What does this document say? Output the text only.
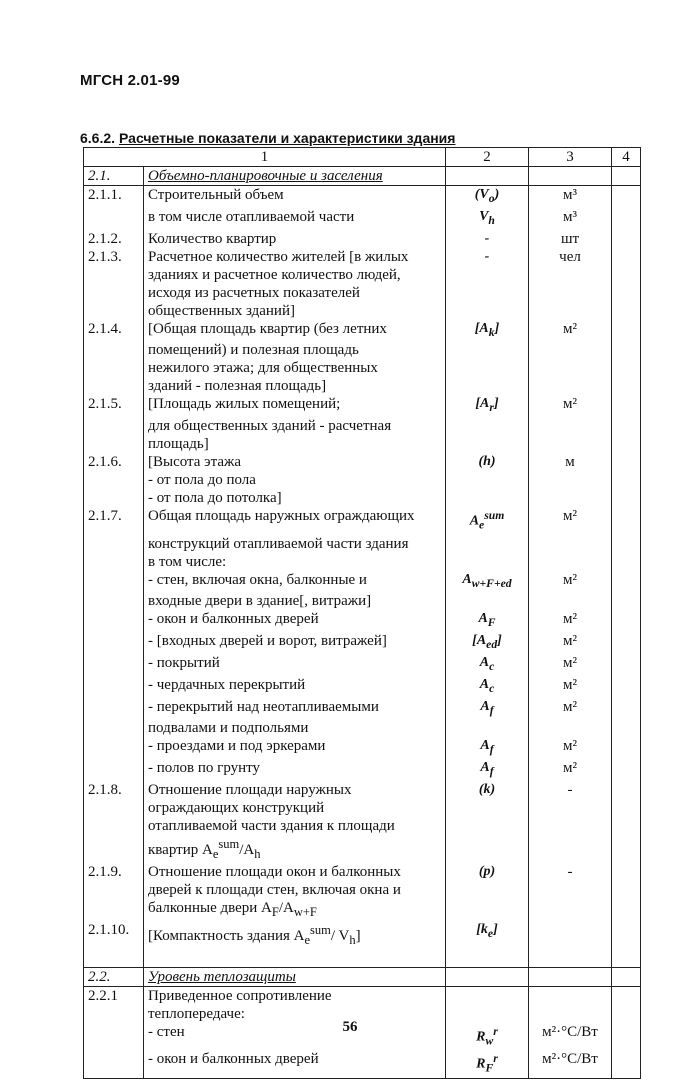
МГСН 2.01-99
6.6.2. Расчетные показатели и характеристики здания
1		2	3	4
2.1.	Объемно-планировочные и заселения			
2.1.1.	Строительный объем	$(V_o)$	м³	
	в том числе отапливаемой части	$V_h$	м³	
2.1.2.	Количество квартир	-	шт	
2.1.3.	Расчетное количество жителей [в жилых	-	чел	
	зданиях и расчетное количество людей,			
	исходя из расчетных показателей			
	общественных зданий]			
2.1.4.	[Общая площадь квартир (без летних	$[A_k]$	м²	
	помещений) и полезная площадь			
	нежилого этажа; для общественных			
	зданий - полезная площадь]			
2.1.5.	[Площадь жилых помещений;	$[A_r]$	м²	
	для общественных зданий - расчетная			
	площадь]			
2.1.6.	[Высота этажа	(h)	м	
	- от пола до пола			
	- от пола до потолка]			
2.1.7.	Общая площадь наружных ограждающих	$A_e^{sum}$	м²	
	конструкций отапливаемой части здания			
	в том числе:			
	- стен, включая окна, балконные и	$A_{w+F+ed}$	м²	
	входные двери в здание[, витражи]			
	- окон и балконных дверей	$A_F$	м²	
	- [входных дверей и ворот, витражей]	$[A_{ed}]$	м²	
	- покрытий	$A_c$	м²	
	- чердачных перекрытий	$A_c$	м²	
	- перекрытий над неотапливаемыми	$A_f$	м²	
	подвалами и подпольями			
	- проездами и под эркерами	$A_f$	м²	
	- полов по грунту	$A_f$	м²	
2.1.8.	Отношение площади наружных	(k)	-	
	ограждающих конструкций			
	отапливаемой части здания к площади			
	квартир $A_e^{sum}/A_h$			
2.1.9.	Отношение площади окон и балконных	(p)	-	
	дверей к площади стен, включая окна и			
	балконные двери $A_F/A_{w+F}$			
2.1.10.	[Компактность здания $A_e^{sum}/$ $V_h$]	$[k_e]$		

2.2.	Уровень теплозащиты			
2.2.1	Приведенное сопротивление			
	теплопередаче:			
	- стен	$R_w^r$	м²·°С/Вт	
	- окон и балконных дверей	$R_F^r$	м²·°С/Вт	
56
